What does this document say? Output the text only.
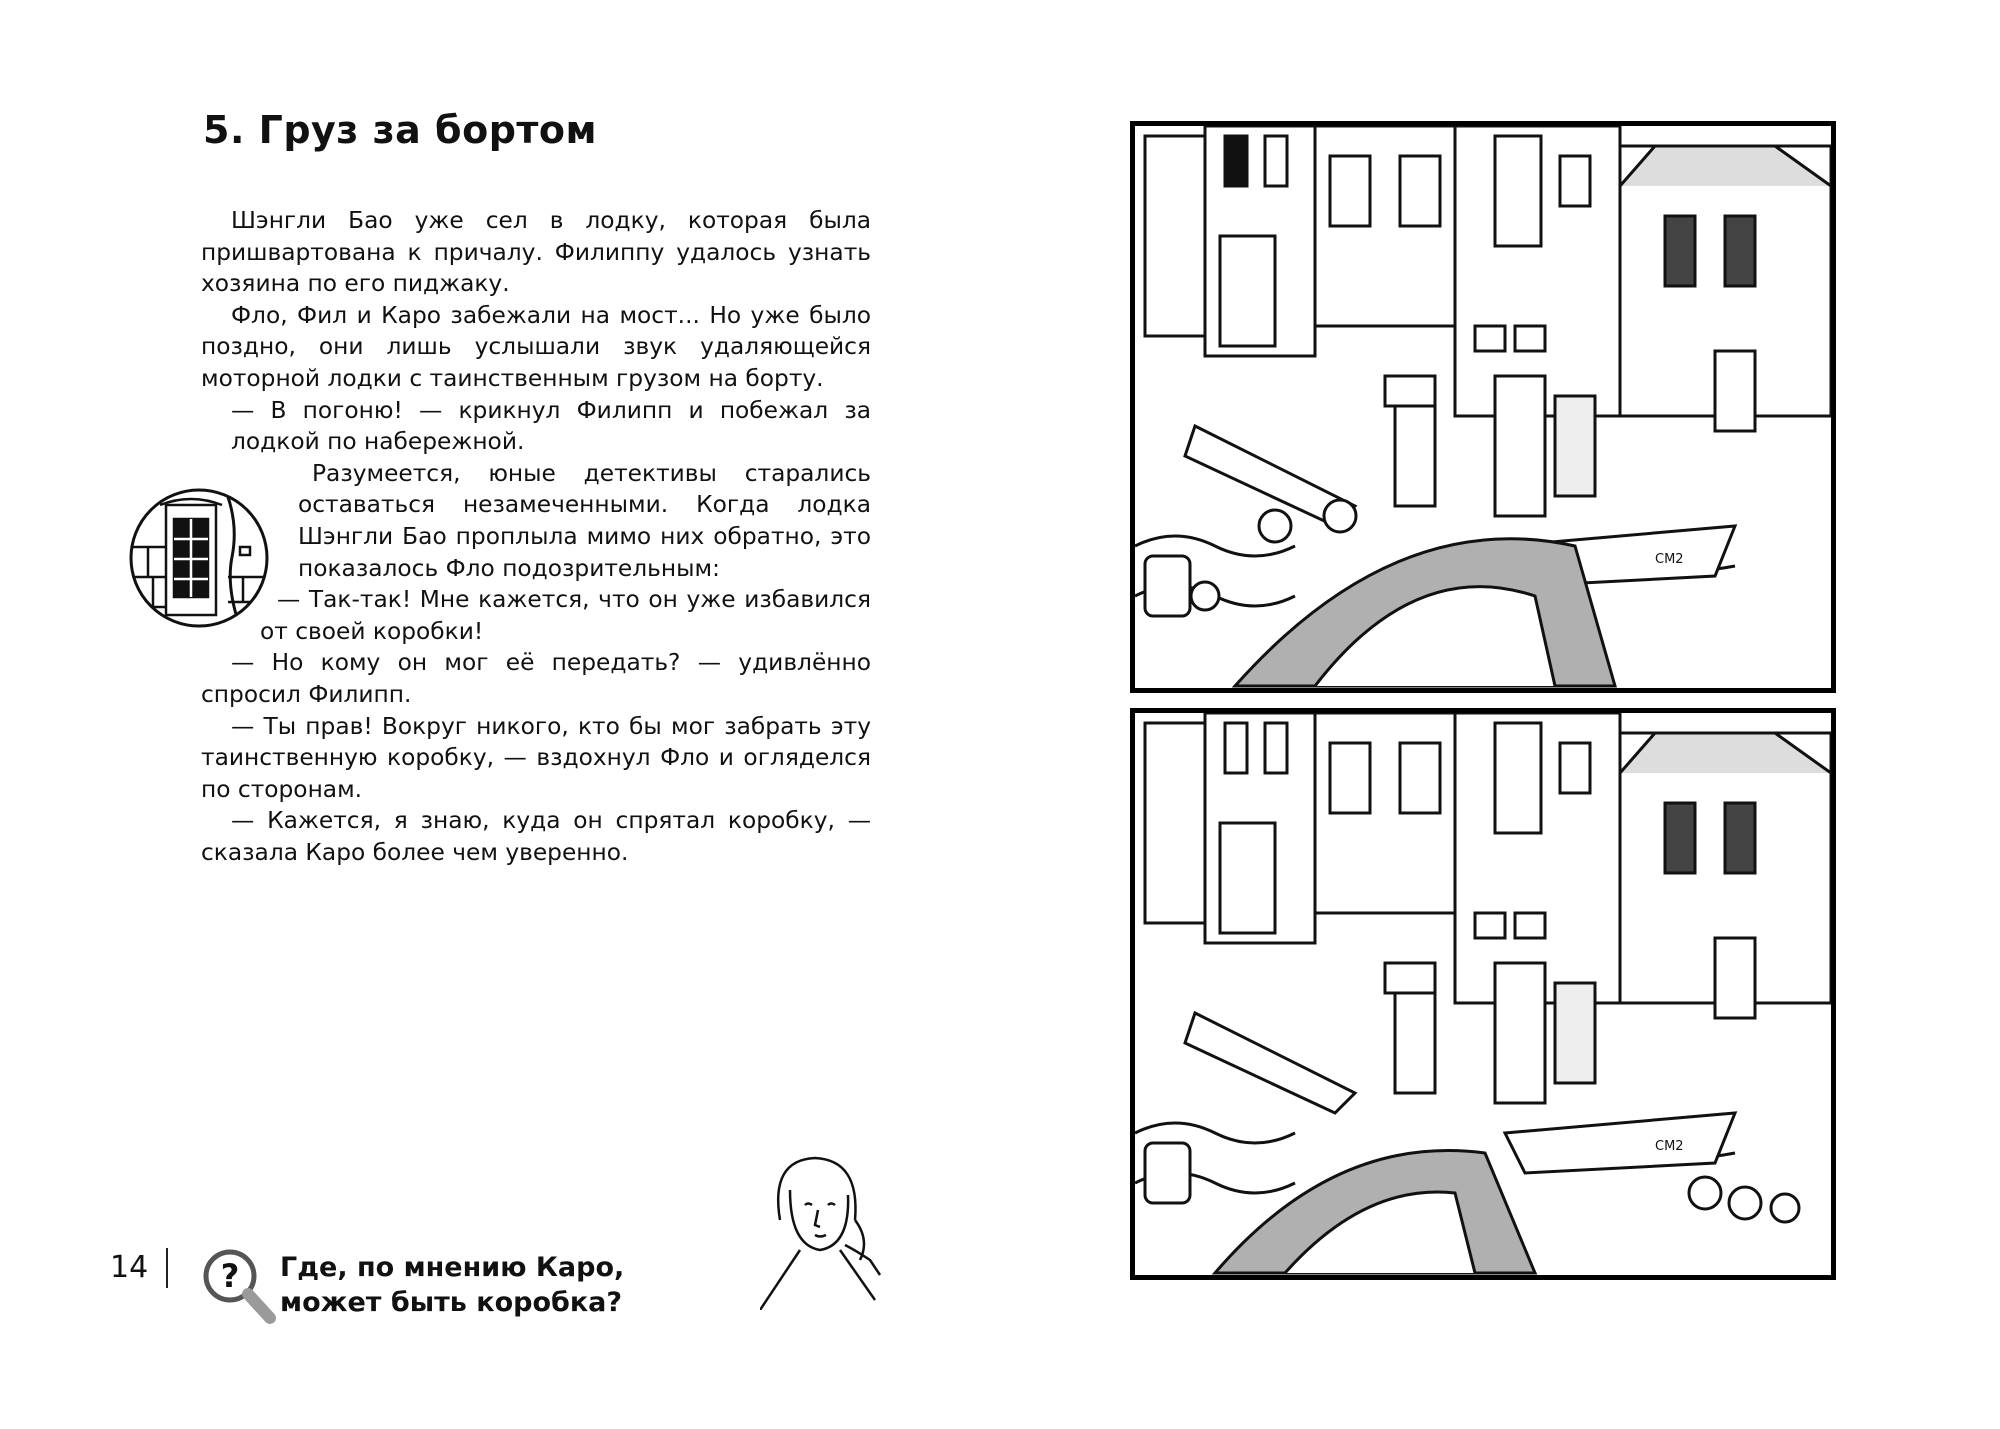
5. Груз за бортом

Шэнгли Бао уже сел в лодку, которая была пришвартована к причалу. Филиппу удалось узнать хозяина по его пиджаку.

Фло, Фил и Каро забежали на мост... Но уже было поздно, они лишь услышали звук удаляющейся моторной лодки с таинственным грузом на борту.

— В погоню! — крикнул Филипп и побежал за лодкой по набережной.

Разумеется, юные детективы старались оставаться незамеченными. Когда лодка Шэнгли Бао проплыла мимо них обратно, это показалось Фло подозрительным:

— Так-так! Мне кажется, что он уже избавился от своей коробки!

— Но кому он мог её передать? — удивлённо спросил Филипп.

— Ты прав! Вокруг никого, кто бы мог забрать эту таинственную коробку, — вздохнул Фло и огляделся по сторонам.

— Кажется, я знаю, куда он спрятал коробку, — сказала Каро более чем уверенно.

CM2
CM2
14 ? Где, по мнению Каро,
может быть коробка?
